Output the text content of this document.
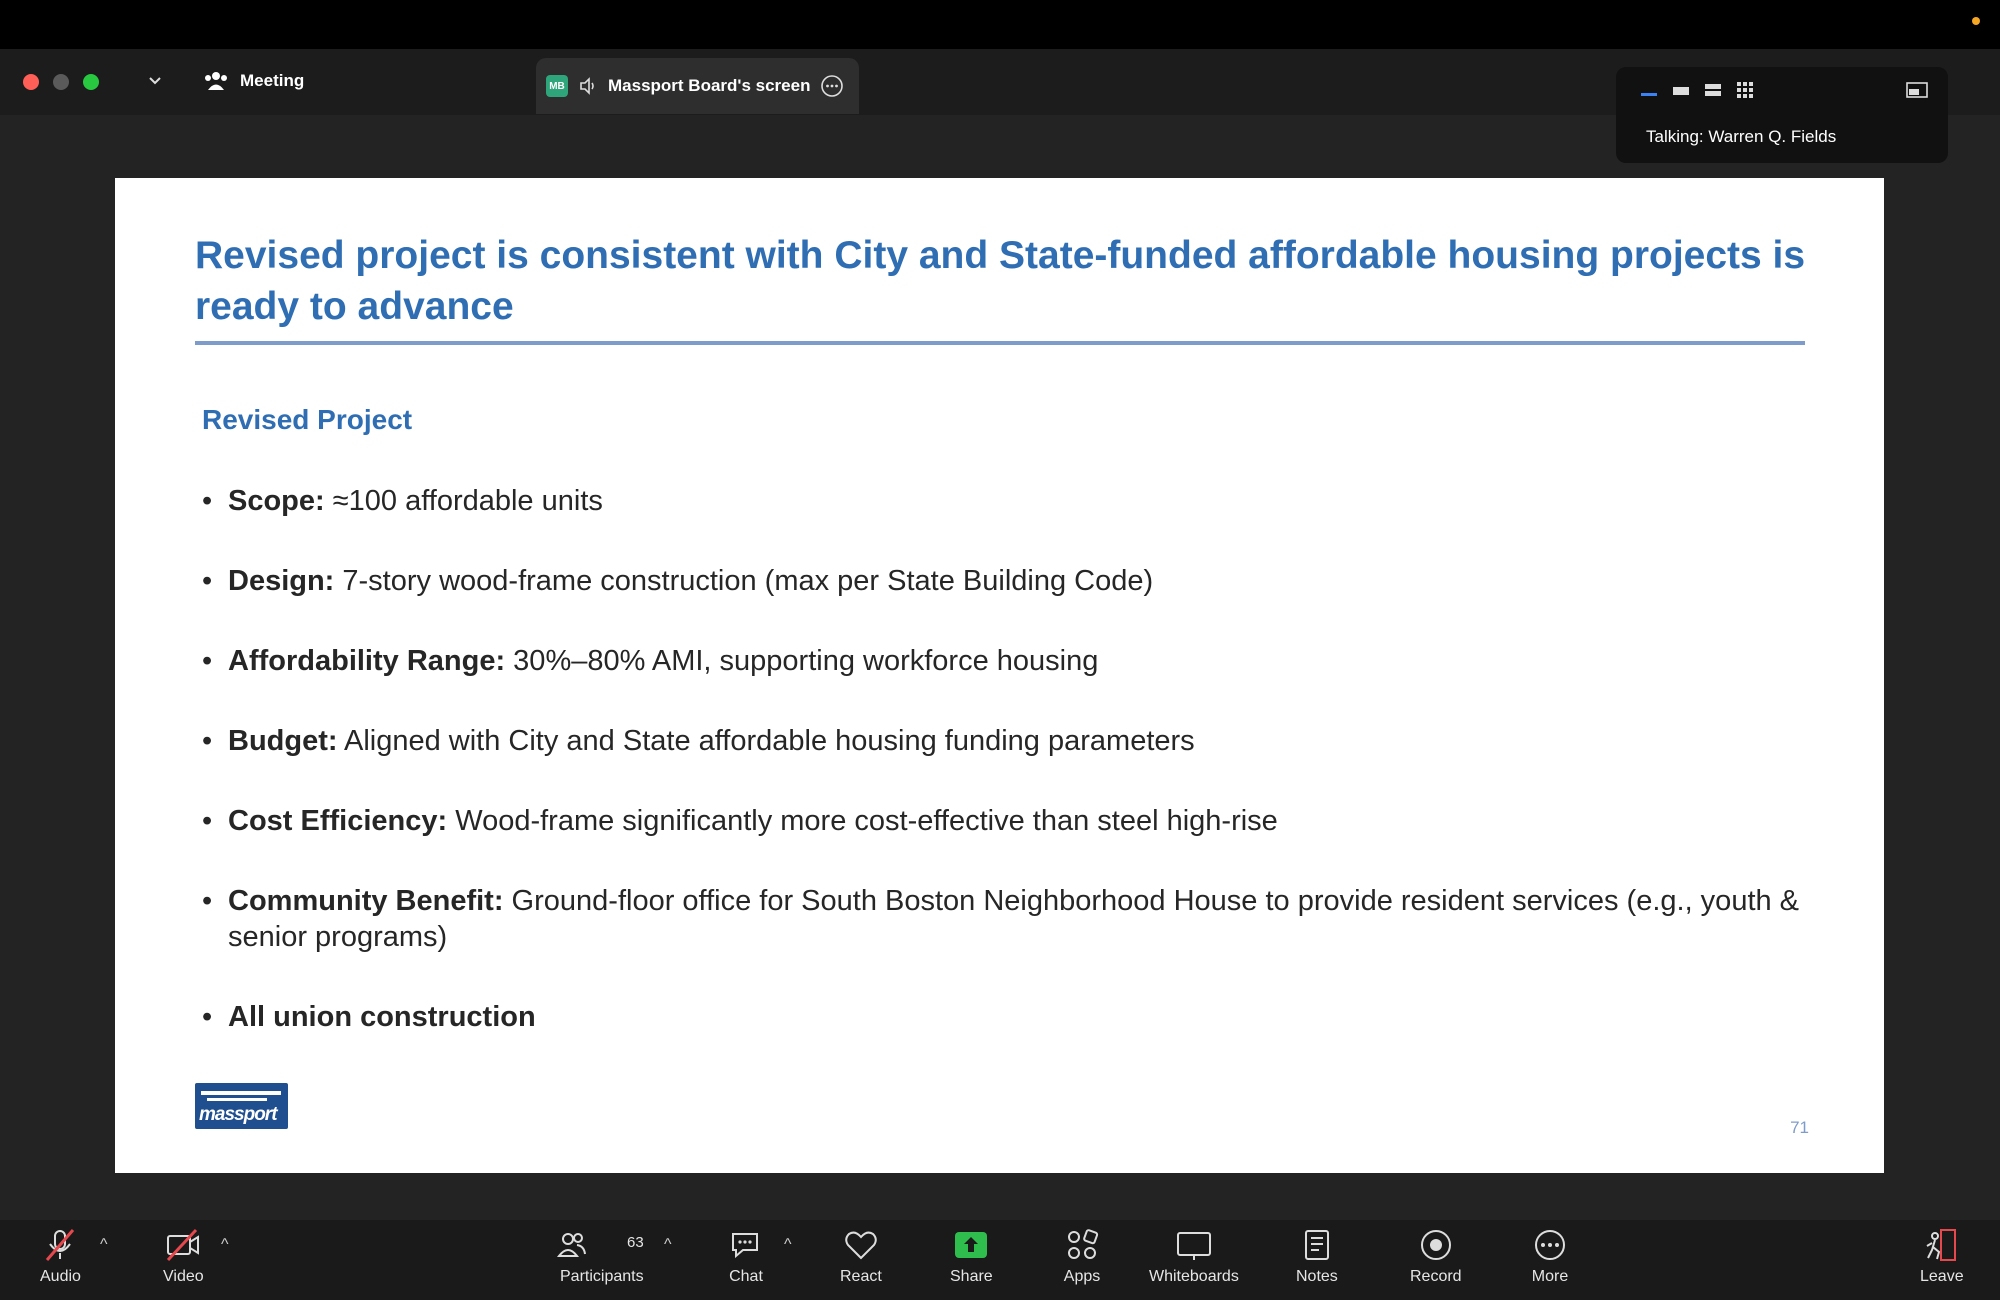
Meeting	MB	Massport Board's screen
Revised project is consistent with City and State-funded affordable housing projects is ready to advance
Revised Project
• Scope: ≈100 affordable units
• Design: 7-story wood-frame construction (max per State Building Code)
• Affordability Range: 30%–80% AMI, supporting workforce housing
• Budget: Aligned with City and State affordable housing funding parameters
• Cost Efficiency: Wood-frame significantly more cost-effective than steel high-rise
• Community Benefit: Ground-floor office for South Boston Neighborhood House to provide resident services (e.g., youth & senior programs)
• All union construction
massport
71
Talking: Warren Q. Fields
Audio
^
Video
^
Participants
63 ^
Chat
^
React	Share	Apps	Whiteboards	Notes	Record	More	Leave
